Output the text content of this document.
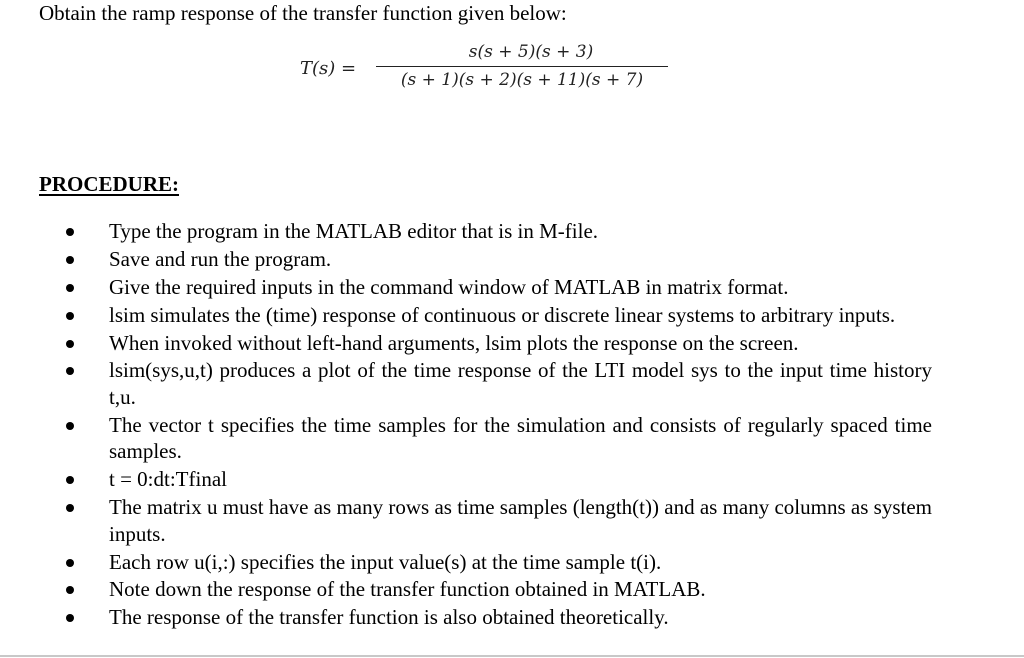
Obtain the ramp response of the transfer function given below:
T(s) =
s(s + 5)(s + 3)
(s + 1)(s + 2)(s + 11)(s + 7)
PROCEDURE:
Type the program in the MATLAB editor that is in M-file.
Save and run the program.
Give the required inputs in the command window of MATLAB in matrix format.
lsim simulates the (time) response of continuous or discrete linear systems to arbitrary inputs.
When invoked without left-hand arguments, lsim plots the response on the screen.
lsim(sys,u,t) produces a plot of the time response of the LTI model sys to the input time history t,u.
The vector t specifies the time samples for the simulation and consists of regularly spaced time samples.
t = 0:dt:Tfinal
The matrix u must have as many rows as time samples (length(t)) and as many columns as system inputs.
Each row u(i,:) specifies the input value(s) at the time sample t(i).
Note down the response of the transfer function obtained in MATLAB.
The response of the transfer function is also obtained theoretically.
